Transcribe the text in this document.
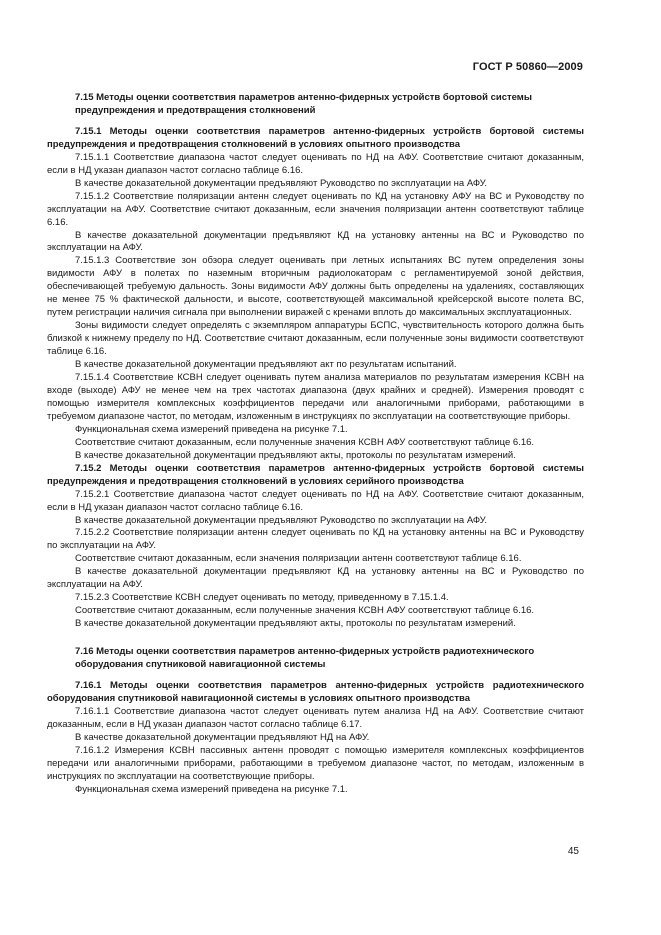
ГОСТ Р 50860—2009

7.15 Методы оценки соответствия параметров антенно-фидерных устройств бортовой системы предупреждения и предотвращения столкновений

7.15.1 Методы оценки соответствия параметров антенно-фидерных устройств бортовой системы предупреждения и предотвращения столкновений в условиях опытного производства

7.15.1.1 Соответствие диапазона частот следует оценивать по НД на АФУ. Соответствие считают доказанным, если в НД указан диапазон частот согласно таблице 6.16.

В качестве доказательной документации предъявляют Руководство по эксплуатации на АФУ.

7.15.1.2 Соответствие поляризации антенн следует оценивать по КД на установку АФУ на ВС и Руководству по эксплуатации на АФУ. Соответствие считают доказанным, если значения поляризации антенн соответствуют таблице 6.16.

В качестве доказательной документации предъявляют КД на установку антенны на ВС и Руководство по эксплуатации на АФУ.

7.15.1.3 Соответствие зон обзора следует оценивать при летных испытаниях ВС путем определения зоны видимости АФУ в полетах по наземным вторичным радиолокаторам с регламентируемой зоной действия, обеспечивающей требуемую дальность. Зоны видимости АФУ должны быть определены на удалениях, составляющих не менее 75 % фактической дальности, и высоте, соответствующей максимальной крейсерской высоте полета ВС, путем регистрации наличия сигнала при выполнении виражей с кренами вплоть до максимальных эксплуатационных.

Зоны видимости следует определять с экземпляром аппаратуры БСПС, чувствительность которого должна быть близкой к нижнему пределу по НД. Соответствие считают доказанным, если полученные зоны видимости соответствуют таблице 6.16.

В качестве доказательной документации предъявляют акт по результатам испытаний.

7.15.1.4 Соответствие КСВН следует оценивать путем анализа материалов по результатам измерения КСВН на входе (выходе) АФУ не менее чем на трех частотах диапазона (двух крайних и средней). Измерения проводят с помощью измерителя комплексных коэффициентов передачи или аналогичными приборами, работающими в требуемом диапазоне частот, по методам, изложенным в инструкциях по эксплуатации на соответствующие приборы.

Функциональная схема измерений приведена на рисунке 7.1.

Соответствие считают доказанным, если полученные значения КСВН АФУ соответствуют таблице 6.16.

В качестве доказательной документации предъявляют акты, протоколы по результатам измерений.

7.15.2 Методы оценки соответствия параметров антенно-фидерных устройств бортовой системы предупреждения и предотвращения столкновений в условиях серийного производства

7.15.2.1 Соответствие диапазона частот следует оценивать по НД на АФУ. Соответствие считают доказанным, если в НД указан диапазон частот согласно таблице 6.16.

В качестве доказательной документации предъявляют Руководство по эксплуатации на АФУ.

7.15.2.2 Соответствие поляризации антенн следует оценивать по КД на установку антенны на ВС и Руководству по эксплуатации на АФУ.

Соответствие считают доказанным, если значения поляризации антенн соответствуют таблице 6.16.

В качестве доказательной документации предъявляют КД на установку антенны на ВС и Руководство по эксплуатации на АФУ.

7.15.2.3 Соответствие КСВН следует оценивать по методу, приведенному в 7.15.1.4.

Соответствие считают доказанным, если полученные значения КСВН АФУ соответствуют таблице 6.16.

В качестве доказательной документации предъявляют акты, протоколы по результатам измерений.

7.16 Методы оценки соответствия параметров антенно-фидерных устройств радиотехнического оборудования спутниковой навигационной системы

7.16.1 Методы оценки соответствия параметров антенно-фидерных устройств радиотехнического оборудования спутниковой навигационной системы в условиях опытного производства

7.16.1.1 Соответствие диапазона частот следует оценивать путем анализа НД на АФУ. Соответствие считают доказанным, если в НД указан диапазон частот согласно таблице 6.17.

В качестве доказательной документации предъявляют НД на АФУ.

7.16.1.2 Измерения КСВН пассивных антенн проводят с помощью измерителя комплексных коэффициентов передачи или аналогичными приборами, работающими в требуемом диапазоне частот, по методам, изложенным в инструкциях по эксплуатации на соответствующие приборы.

Функциональная схема измерений приведена на рисунке 7.1.

45
